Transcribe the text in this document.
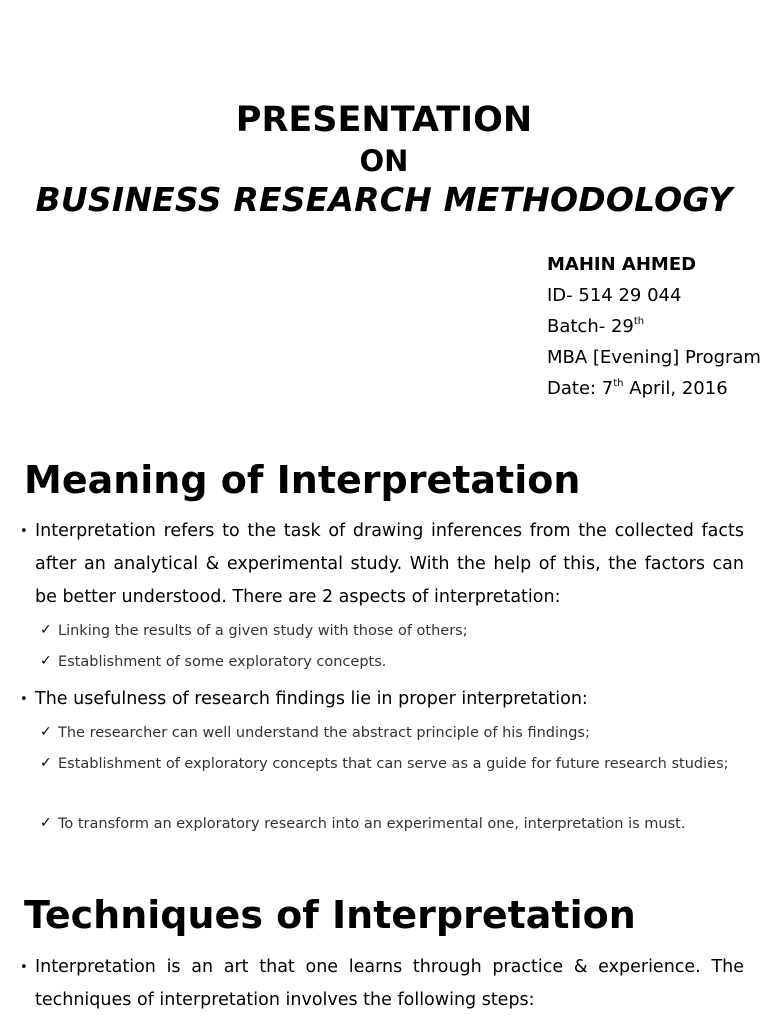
PRESENTATION
ON
BUSINESS RESEARCH METHODOLOGY
MAHIN AHMED
ID- 514 29 044
Batch- 29th
MBA [Evening] Program
Date: 7th April, 2016
Meaning of Interpretation
• Interpretation refers to the task of drawing inferences from the collected facts after an analytical & experimental study. With the help of this, the factors can be better understood. There are 2 aspects of interpretation:
✓ Linking the results of a given study with those of others;
✓ Establishment of some exploratory concepts.
• The usefulness of research findings lie in proper interpretation:
✓ The researcher can well understand the abstract principle of his findings;
✓ Establishment of exploratory concepts that can serve as a guide for future research studies;
✓ To transform an exploratory research into an experimental one, interpretation is must.
Techniques of Interpretation
• Interpretation is an art that one learns through practice & experience. The techniques of interpretation involves the following steps:
